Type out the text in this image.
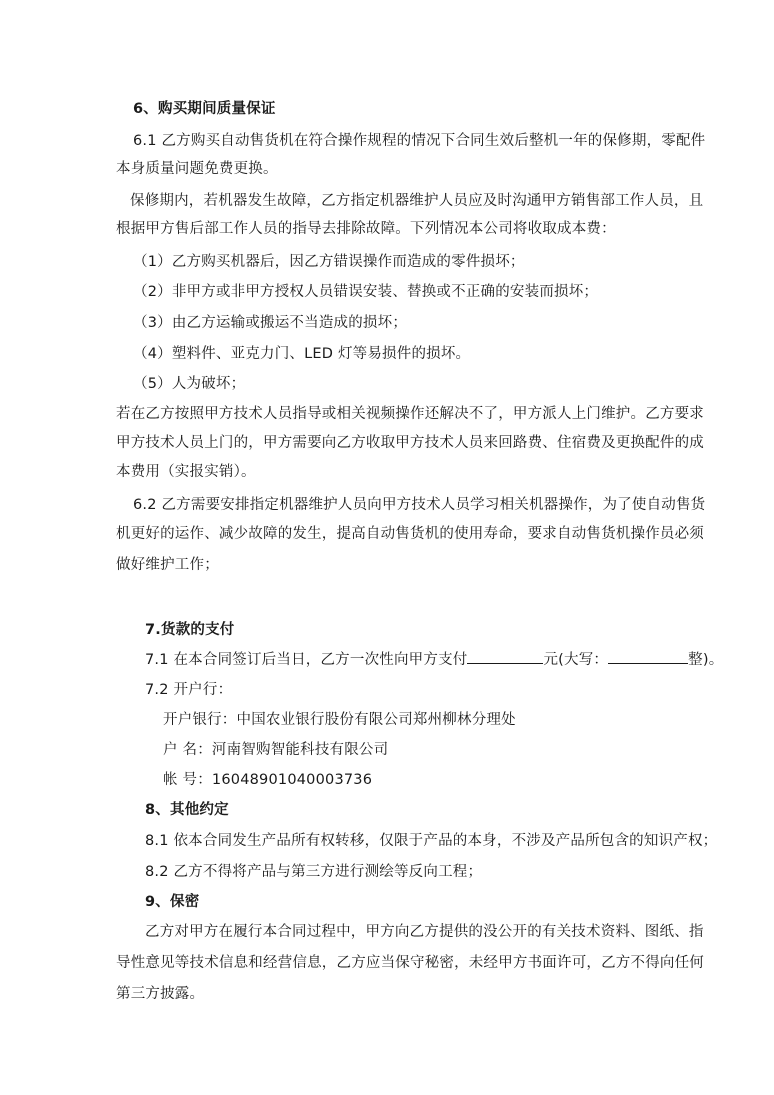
6、购买期间质量保证
6.1 乙方购买自动售货机在符合操作规程的情况下合同生效后整机一年的保修期，零配件
本身质量问题免费更换。
保修期内，若机器发生故障，乙方指定机器维护人员应及时沟通甲方销售部工作人员，且
根据甲方售后部工作人员的指导去排除故障。下列情况本公司将收取成本费：
（1）乙方购买机器后，因乙方错误操作而造成的零件损坏；
（2）非甲方或非甲方授权人员错误安装、替换或不正确的安装而损坏；
（3）由乙方运输或搬运不当造成的损坏；
（4）塑料件、亚克力门、LED 灯等易损件的损坏。
（5）人为破坏；
若在乙方按照甲方技术人员指导或相关视频操作还解决不了，甲方派人上门维护。乙方要求
甲方技术人员上门的，甲方需要向乙方收取甲方技术人员来回路费、住宿费及更换配件的成
本费用（实报实销）。
6.2 乙方需要安排指定机器维护人员向甲方技术人员学习相关机器操作，为了使自动售货
机更好的运作、减少故障的发生，提高自动售货机的使用寿命，要求自动售货机操作员必须
做好维护工作；
7.货款的支付
7.1 在本合同签订后当日，乙方一次性向甲方支付	元(大写：	整)。
7.2 开户行：
开户银行：中国农业银行股份有限公司郑州柳林分理处
户 名：河南智购智能科技有限公司
帐 号：16048901040003736
8、其他约定
8.1 依本合同发生产品所有权转移，仅限于产品的本身，不涉及产品所包含的知识产权；
8.2 乙方不得将产品与第三方进行测绘等反向工程；
9、保密
乙方对甲方在履行本合同过程中，甲方向乙方提供的没公开的有关技术资料、图纸、指
导性意见等技术信息和经营信息，乙方应当保守秘密，未经甲方书面许可，乙方不得向任何
第三方披露。
